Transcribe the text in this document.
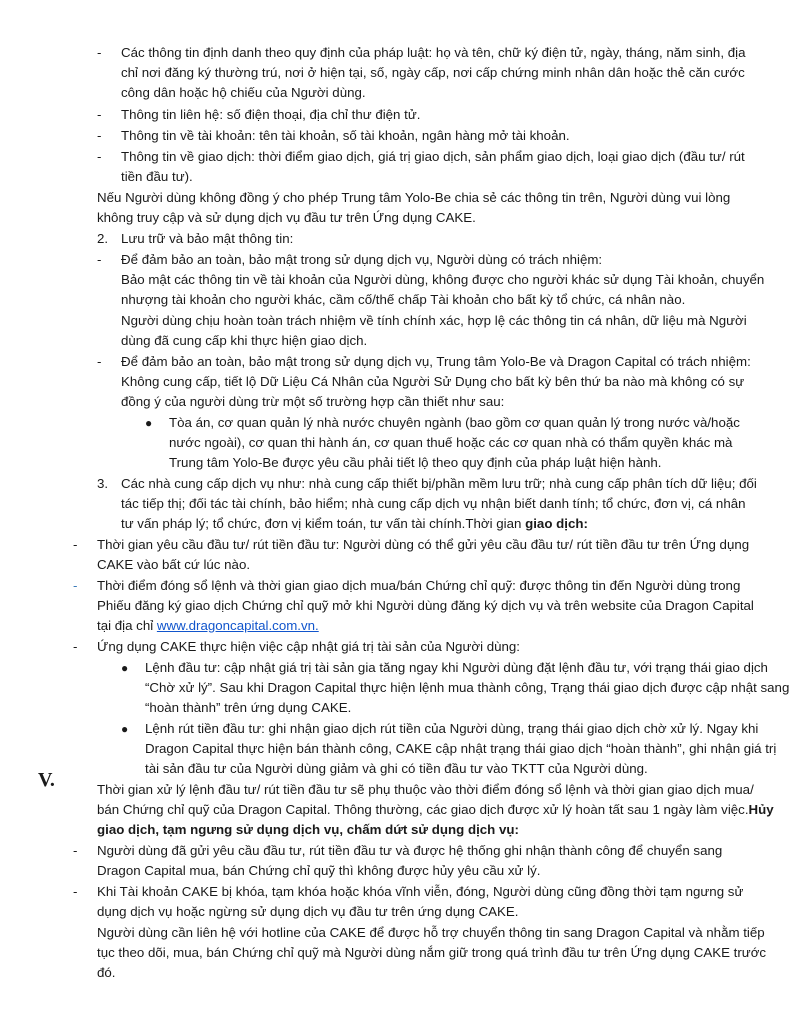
- Các thông tin định danh theo quy định của pháp luật: họ và tên, chữ ký điện tử, ngày, tháng, năm sinh, địa
chỉ nơi đăng ký thường trú, nơi ở hiện tại, số, ngày cấp, nơi cấp chứng minh nhân dân hoặc thẻ căn cước
công dân hoặc hộ chiếu của Người dùng.
- Thông tin liên hệ: số điện thoại, địa chỉ thư điện tử.
- Thông tin về tài khoản: tên tài khoản, số tài khoản, ngân hàng mở tài khoản.
- Thông tin về giao dịch: thời điểm giao dịch, giá trị giao dịch, sản phẩm giao dịch, loại giao dịch (đầu tư/ rút
tiền đầu tư).
Nếu Người dùng không đồng ý cho phép Trung tâm Yolo-Be chia sẻ các thông tin trên, Người dùng vui lòng
không truy cập và sử dụng dịch vụ đầu tư trên Ứng dụng CAKE.
2. Lưu trữ và bảo mật thông tin:
- Để đảm bảo an toàn, bảo mật trong sử dụng dịch vụ, Người dùng có trách nhiệm:
Bảo mật các thông tin về tài khoản của Người dùng, không được cho người khác sử dụng Tài khoản, chuyển
nhượng tài khoản cho người khác, cầm cố/thế chấp Tài khoản cho bất kỳ tổ chức, cá nhân nào.
Người dùng chịu hoàn toàn trách nhiệm về tính chính xác, hợp lệ các thông tin cá nhân, dữ liệu mà Người
dùng đã cung cấp khi thực hiện giao dịch.
- Để đảm bảo an toàn, bảo mật trong sử dụng dịch vụ, Trung tâm Yolo-Be và Dragon Capital có trách nhiệm:
Không cung cấp, tiết lộ Dữ Liệu Cá Nhân của Người Sử Dụng cho bất kỳ bên thứ ba nào mà không có sự
đồng ý của người dùng trừ một số trường hợp cần thiết như sau:
● Tòa án, cơ quan quản lý nhà nước chuyên ngành (bao gồm cơ quan quản lý trong nước và/hoặc
nước ngoài), cơ quan thi hành án, cơ quan thuế hoặc các cơ quan nhà có thẩm quyền khác mà
Trung tâm Yolo-Be được yêu cầu phải tiết lộ theo quy định của pháp luật hiện hành.
3. Các nhà cung cấp dịch vụ như: nhà cung cấp thiết bị/phần mềm lưu trữ; nhà cung cấp phân tích dữ liệu; đối
tác tiếp thị; đối tác tài chính, bảo hiểm; nhà cung cấp dịch vụ nhận biết danh tính; tổ chức, đơn vị, cá nhân
tư vấn pháp lý; tổ chức, đơn vị kiểm toán, tư vấn tài chính.Thời gian giao dịch:
- Thời gian yêu cầu đầu tư/ rút tiền đầu tư: Người dùng có thể gửi yêu cầu đầu tư/ rút tiền đầu tư trên Ứng dụng
CAKE vào bất cứ lúc nào.
- Thời điểm đóng sổ lệnh và thời gian giao dịch mua/bán Chứng chỉ quỹ: được thông tin đến Người dùng trong
Phiếu đăng ký giao dịch Chứng chỉ quỹ mở khi Người dùng đăng ký dịch vụ và trên website của Dragon Capital
tại địa chỉ www.dragoncapital.com.vn.
- Ứng dụng CAKE thực hiện việc cập nhật giá trị tài sản của Người dùng:
● Lệnh đầu tư: cập nhật giá trị tài sản gia tăng ngay khi Người dùng đặt lệnh đầu tư, với trạng thái giao dịch
“Chờ xử lý”. Sau khi Dragon Capital thực hiện lệnh mua thành công, Trạng thái giao dịch được cập nhật sang
“hoàn thành” trên ứng dụng CAKE.
● Lệnh rút tiền đầu tư: ghi nhận giao dịch rút tiền của Người dùng, trạng thái giao dịch chờ xử lý. Ngay khi
Dragon Capital thực hiện bán thành công, CAKE cập nhật trạng thái giao dịch “hoàn thành”, ghi nhận giá trị
tài sản đầu tư của Người dùng giảm và ghi có tiền đầu tư vào TKTT của Người dùng.
V.	Thời gian xử lý lệnh đầu tư/ rút tiền đầu tư sẽ phụ thuộc vào thời điểm đóng sổ lệnh và thời gian giao dịch mua/
bán Chứng chỉ quỹ của Dragon Capital. Thông thường, các giao dịch được xử lý hoàn tất sau 1 ngày làm việc.Hủy
giao dịch, tạm ngưng sử dụng dịch vụ, chấm dứt sử dụng dịch vụ:
- Người dùng đã gửi yêu cầu đầu tư, rút tiền đầu tư và được hệ thống ghi nhận thành công để chuyển sang
Dragon Capital mua, bán Chứng chỉ quỹ thì không được hủy yêu cầu xử lý.
- Khi Tài khoản CAKE bị khóa, tạm khóa hoặc khóa vĩnh viễn, đóng, Người dùng cũng đồng thời tạm ngưng sử
dụng dịch vụ hoặc ngừng sử dụng dịch vụ đầu tư trên ứng dụng CAKE.
Người dùng cần liên hệ với hotline của CAKE để được hỗ trợ chuyển thông tin sang Dragon Capital và nhằm tiếp
tục theo dõi, mua, bán Chứng chỉ quỹ mà Người dùng nắm giữ trong quá trình đầu tư trên Ứng dụng CAKE trước
đó.
